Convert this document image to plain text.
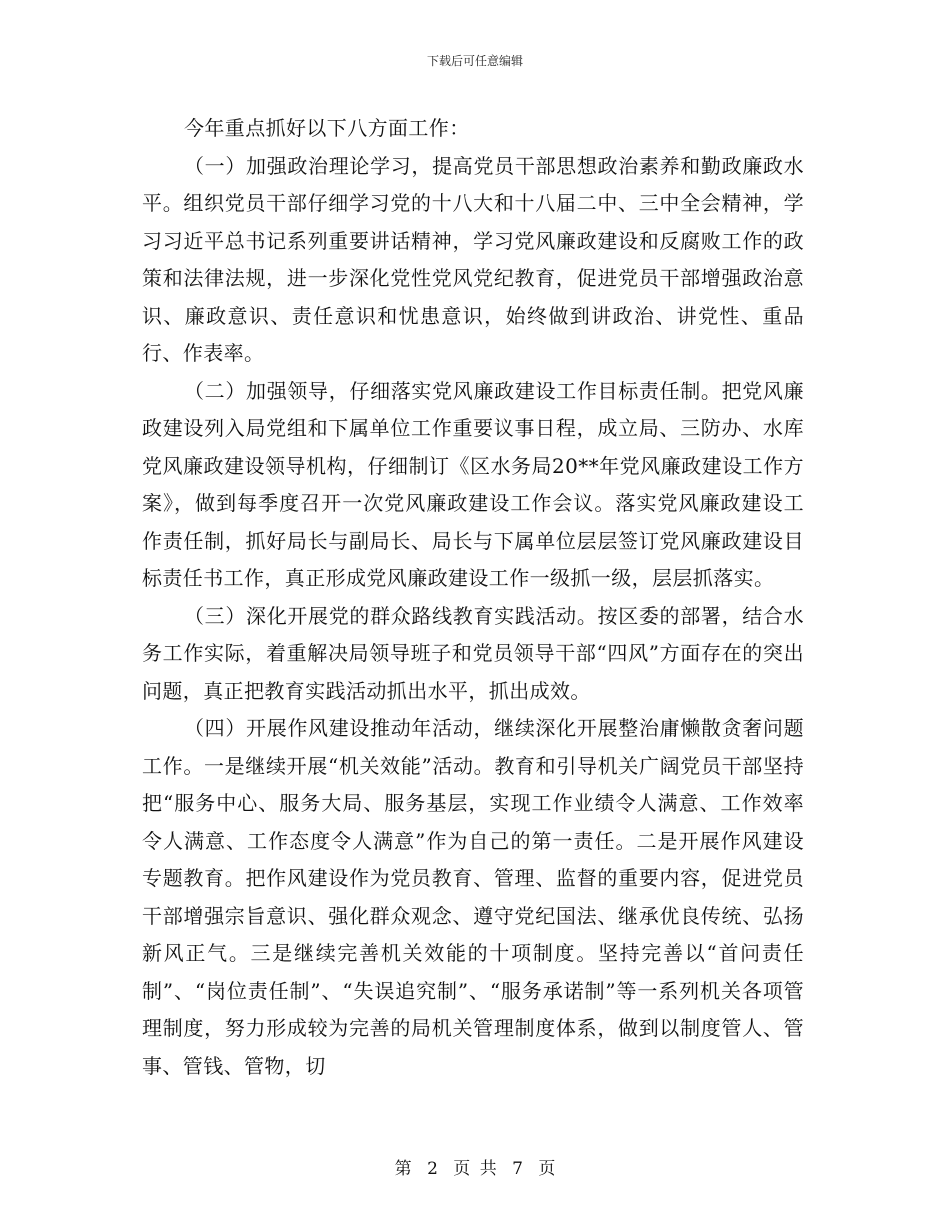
下载后可任意编辑

今年重点抓好以下八方面工作：

（一）加强政治理论学习，提高党员干部思想政治素养和勤政廉政水平。组织党员干部仔细学习党的十八大和十八届二中、三中全会精神，学习习近平总书记系列重要讲话精神，学习党风廉政建设和反腐败工作的政策和法律法规，进一步深化党性党风党纪教育，促进党员干部增强政治意识、廉政意识、责任意识和忧患意识，始终做到讲政治、讲党性、重品行、作表率。

（二）加强领导，仔细落实党风廉政建设工作目标责任制。把党风廉政建设列入局党组和下属单位工作重要议事日程，成立局、三防办、水库党风廉政建设领导机构，仔细制订《区水务局20**年党风廉政建设工作方案》，做到每季度召开一次党风廉政建设工作会议。落实党风廉政建设工作责任制，抓好局长与副局长、局长与下属单位层层签订党风廉政建设目标责任书工作，真正形成党风廉政建设工作一级抓一级，层层抓落实。

（三）深化开展党的群众路线教育实践活动。按区委的部署，结合水务工作实际，着重解决局领导班子和党员领导干部“四风”方面存在的突出问题，真正把教育实践活动抓出水平，抓出成效。

（四）开展作风建设推动年活动，继续深化开展整治庸懒散贪奢问题工作。一是继续开展“机关效能”活动。教育和引导机关广阔党员干部坚持把“服务中心、服务大局、服务基层，实现工作业绩令人满意、工作效率令人满意、工作态度令人满意”作为自己的第一责任。二是开展作风建设专题教育。把作风建设作为党员教育、管理、监督的重要内容，促进党员干部增强宗旨意识、强化群众观念、遵守党纪国法、继承优良传统、弘扬新风正气。三是继续完善机关效能的十项制度。坚持完善以“首问责任制”、“岗位责任制”、“失误追究制”、“服务承诺制”等一系列机关各项管理制度，努力形成较为完善的局机关管理制度体系，做到以制度管人、管事、管钱、管物，切

第 2 页 共 7 页
